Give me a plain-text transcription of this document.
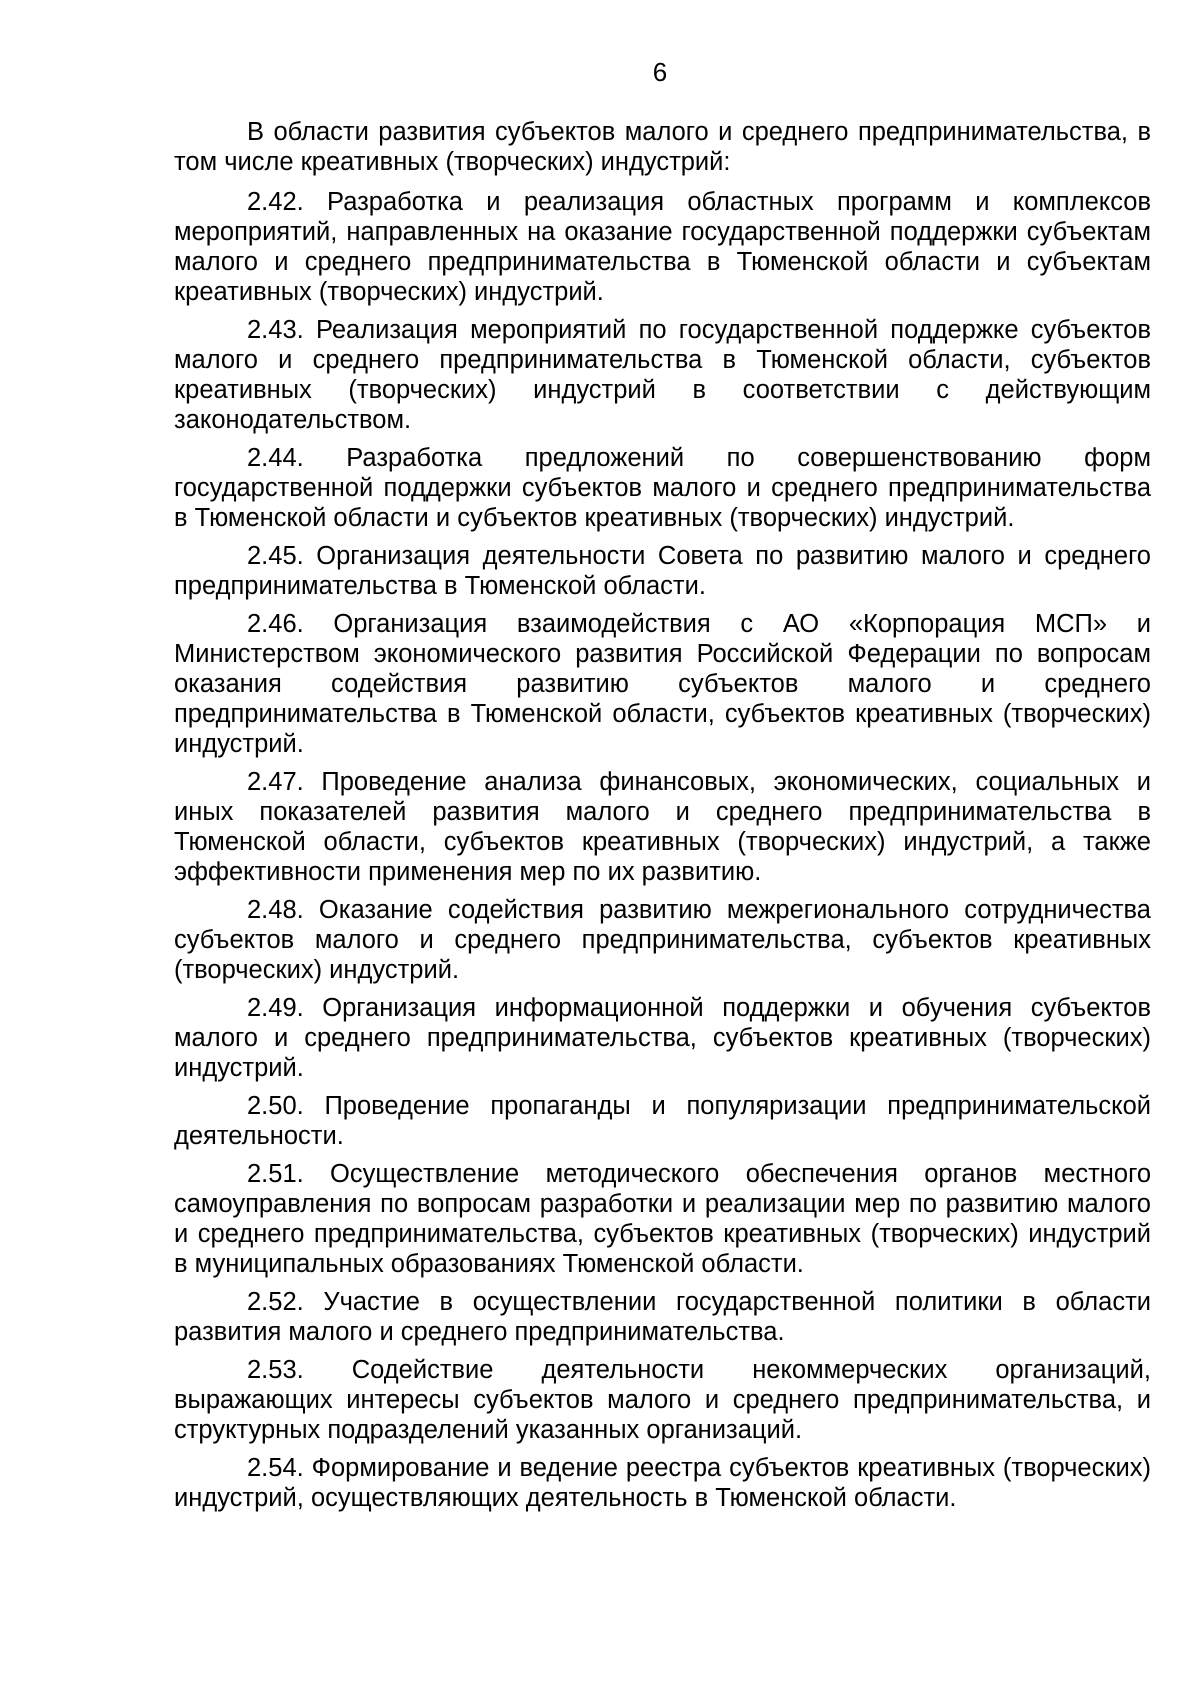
6

В области развития субъектов малого и среднего предпринимательства, в том числе креативных (творческих) индустрий:

2.42. Разработка и реализация областных программ и комплексов мероприятий, направленных на оказание государственной поддержки субъектам малого и среднего предпринимательства в Тюменской области и субъектам креативных (творческих) индустрий.

2.43. Реализация мероприятий по государственной поддержке субъектов малого и среднего предпринимательства в Тюменской области, субъектов креативных (творческих) индустрий в соответствии с действующим законодательством.

2.44. Разработка предложений по совершенствованию форм государственной поддержки субъектов малого и среднего предпринимательства в Тюменской области и субъектов креативных (творческих) индустрий.

2.45. Организация деятельности Совета по развитию малого и среднего предпринимательства в Тюменской области.

2.46. Организация взаимодействия с АО «Корпорация МСП» и Министерством экономического развития Российской Федерации по вопросам оказания содействия развитию субъектов малого и среднего предпринимательства в Тюменской области, субъектов креативных (творческих) индустрий.

2.47. Проведение анализа финансовых, экономических, социальных и иных показателей развития малого и среднего предпринимательства в Тюменской области, субъектов креативных (творческих) индустрий, а также эффективности применения мер по их развитию.

2.48. Оказание содействия развитию межрегионального сотрудничества субъектов малого и среднего предпринимательства, субъектов креативных (творческих) индустрий.

2.49. Организация информационной поддержки и обучения субъектов малого и среднего предпринимательства, субъектов креативных (творческих) индустрий.

2.50. Проведение пропаганды и популяризации предпринимательской деятельности.

2.51. Осуществление методического обеспечения органов местного самоуправления по вопросам разработки и реализации мер по развитию малого и среднего предпринимательства, субъектов креативных (творческих) индустрий в муниципальных образованиях Тюменской области.

2.52. Участие в осуществлении государственной политики в области развития малого и среднего предпринимательства.

2.53. Содействие деятельности некоммерческих организаций, выражающих интересы субъектов малого и среднего предпринимательства, и структурных подразделений указанных организаций.

2.54. Формирование и ведение реестра субъектов креативных (творческих) индустрий, осуществляющих деятельность в Тюменской области.
